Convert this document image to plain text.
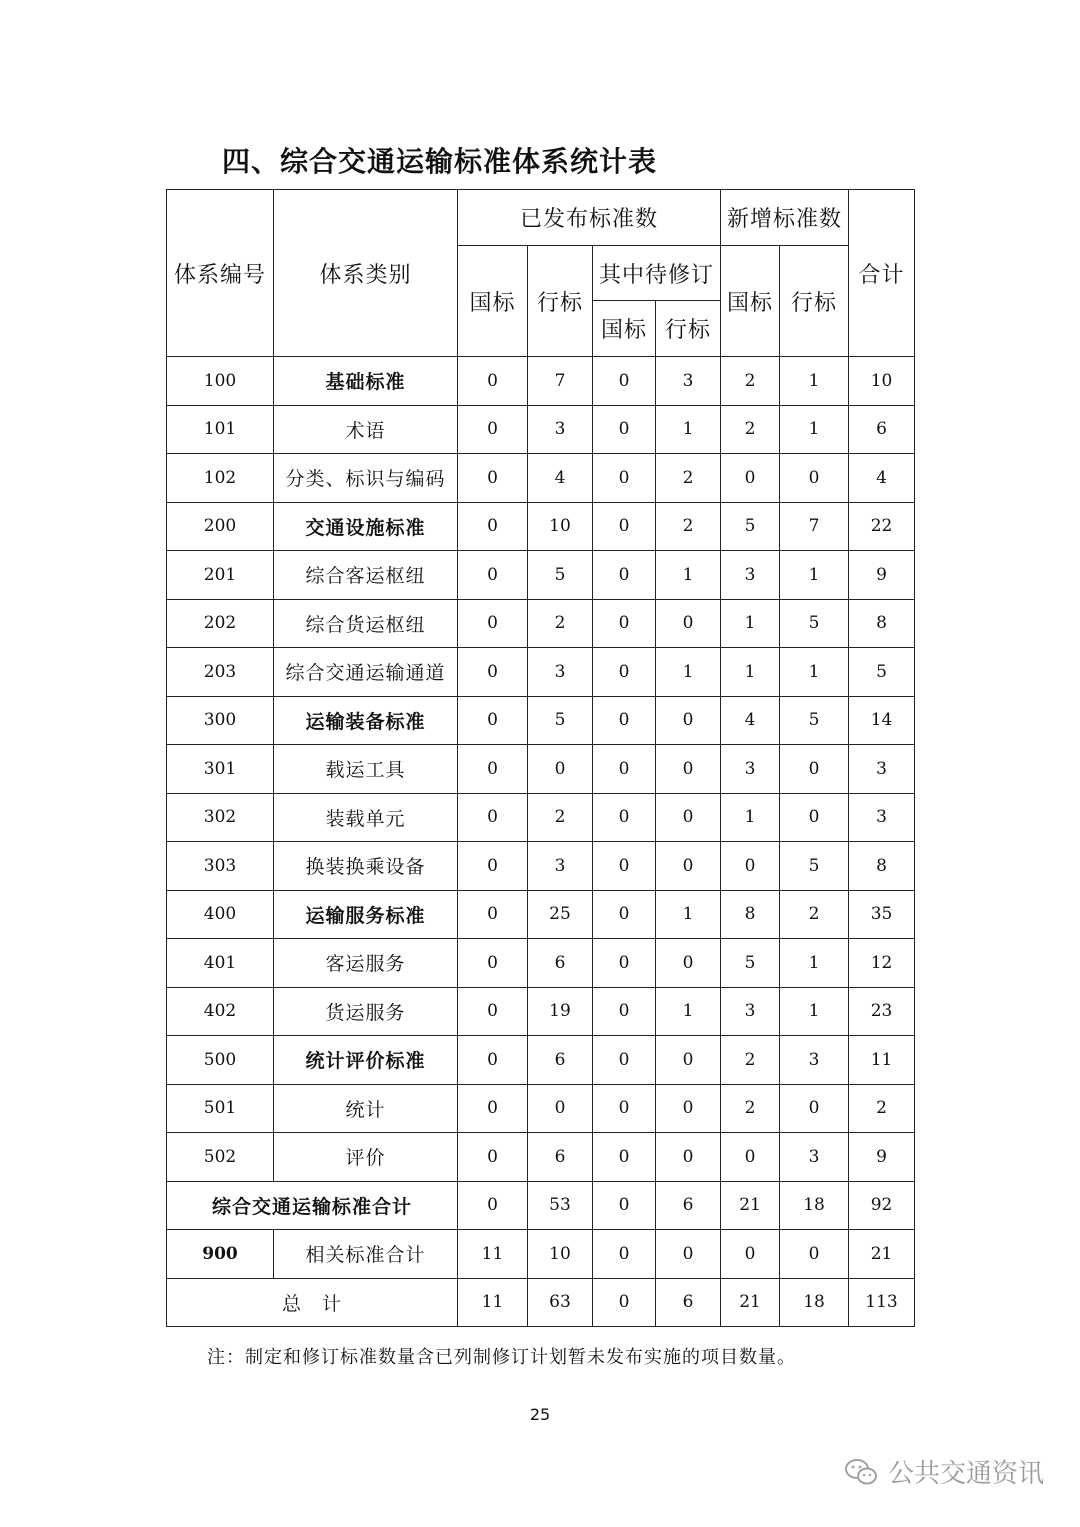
四、综合交通运输标准体系统计表
体系编号	体系类别	已发布标准数				新增标准数		合计
		国标	行标	其中待修订		国标	行标	
				国标	行标			
100	基础标准	0	7	0	3	2	1	10
101	术语	0	3	0	1	2	1	6
102	分类、标识与编码	0	4	0	2	0	0	4
200	交通设施标准	0	10	0	2	5	7	22
201	综合客运枢纽	0	5	0	1	3	1	9
202	综合货运枢纽	0	2	0	0	1	5	8
203	综合交通运输通道	0	3	0	1	1	1	5
300	运输装备标准	0	5	0	0	4	5	14
301	载运工具	0	0	0	0	3	0	3
302	装载单元	0	2	0	0	1	0	3
303	换装换乘设备	0	3	0	0	0	5	8
400	运输服务标准	0	25	0	1	8	2	35
401	客运服务	0	6	0	0	5	1	12
402	货运服务	0	19	0	1	3	1	23
500	统计评价标准	0	6	0	0	2	3	11
501	统计	0	0	0	0	2	0	2
502	评价	0	6	0	0	0	3	9
综合交通运输标准合计		0	53	0	6	21	18	92
900	相关标准合计	11	10	0	0	0	0	21
总　计		11	63	0	6	21	18	113
注：制定和修订标准数量含已列制修订计划暂未发布实施的项目数量。
25
公共交通资讯
